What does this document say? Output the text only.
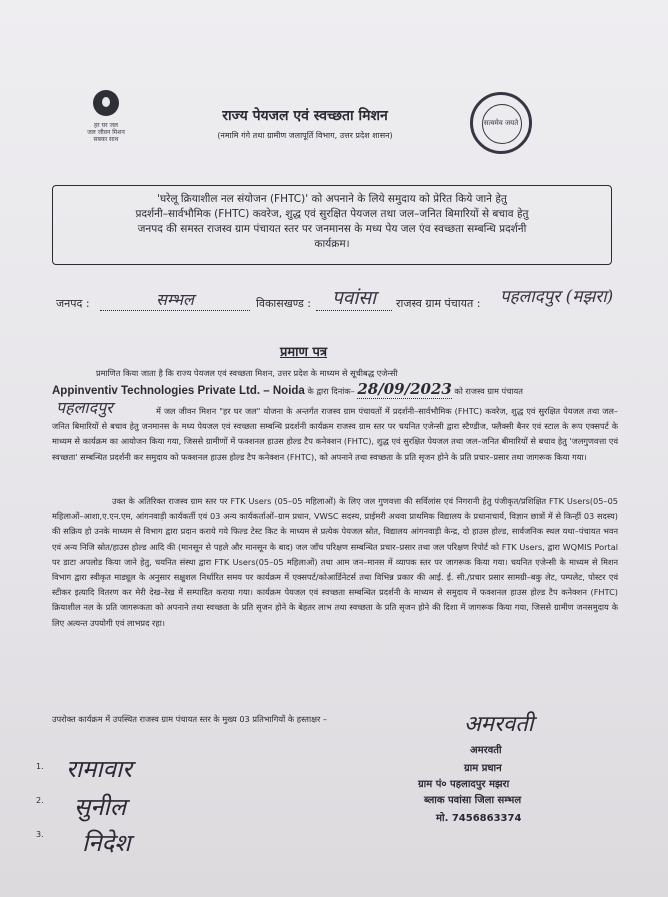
हर घर जल
जल जीवन मिशन
सबका साथ
राज्य पेयजल एवं स्वच्छता मिशन
(नमामि गंगे तथा ग्रामीण जलापूर्ति विभाग, उत्तर प्रदेश शासन)
सत्यमेव जयते
'घरेलू क्रियाशील नल संयोजन (FHTC)' को अपनाने के लिये समुदाय को प्रेरित किये जाने हेतु
प्रदर्शनी–सार्वभौमिक (FHTC) कवरेज, शुद्ध एवं सुरक्षित पेयजल तथा जल–जनित बिमारियों से बचाव हेतु
जनपद की समस्त राजस्व ग्राम पंचायत स्तर पर जनमानस के मध्य पेय जल एंव स्वच्छता सम्बन्धि प्रदर्शनी
कार्यक्रम।
जनपद :	सम्भल	विकासखण्ड :	पवांसा	राजस्व ग्राम पंचायत : पहलादपुर (मझरा)
प्रमाण पत्र
प्रमाणित किया जाता है कि राज्य पेयजल एवं स्वच्छता मिशन, उत्तर प्रदेश के माध्यम से सूचीबद्ध एजेन्सी
Appinventiv Technologies Private Ltd. – Noida के द्वारा दिनांक– 28/09/2023 को राजस्व ग्राम पंचायत
में जल जीवन मिशन "हर घर जल" योजना के अन्तर्गत राजस्व ग्राम पंचायतों में प्रदर्शनी–सार्वभौमिक (FHTC) कवरेज, शुद्ध एवं सुरक्षित पेयजल तथा जल–जनित बिमारियों से बचाव हेतु जनमानस के मध्य पेयजल एवं स्वच्छता सम्बन्धि प्रदर्शनी कार्यक्रम राजस्व ग्राम स्तर पर चयनित एजेन्सी द्वारा स्टैण्डीज, फ्लैक्सी बैनर एवं स्टाल के रूप एक्सपर्ट के माध्यम से कार्यक्रम का आयोजन किया गया, जिससे ग्रामीणों में फक्शनल हाउस होल्ड टैप कनेक्शन (FHTC), शुद्ध एवं सुरक्षित पेयजल तथा जल–जनित बीमारियों से बचाव हेतु 'जलगुणवत्ता एवं स्वच्छता' सम्बन्धित प्रदर्शनी कर समुदाय को फक्शनल हाउस होल्ड टैप कनेक्शन (FHTC), को अपनाने तथा स्वच्छता के प्रति सृजन होने के प्रति प्रचार–प्रसार तथा जागरूक किया गया।
पहलादपुर
उक्त के अतिरिक्त राजस्व ग्राम स्तर पर FTK Users (05–05 महिलाओं) के लिए जल गुणवत्ता की सर्विलांस एवं निगरानी हेतु पंजीकृत/प्रशिक्षित FTK Users(05–05 महिलाओं–आशा,ए.एन.एम, आंगनवाड़ी कार्यकर्ती एवं 03 अन्य कार्यकर्ताओं–ग्राम प्रधान, VWSC सदस्य, प्राईमरी अथवा प्राथमिक विद्यालय के प्रधानाचार्य, विज्ञान छात्रों में से किन्हीं 03 सदस्य) की सक्रिय हो उनके माध्यम से विभाग द्वारा प्रदान कराये गये फिल्ड टेस्ट किट के माध्यम से प्रत्येक पेयजल स्रोत, विद्यालय आंगनवाड़ी केन्द्र, दो हाउस होल्ड, सार्वजनिक स्थल यथा–पंचायत भवन एवं अन्य निजि स्रोत/हाउस होल्ड आदि की (मानसून से पहले और मानसून के बाद) जल जाँच परिक्षण सम्बन्धित प्रचार–प्रसार तथा जल परिक्षण रिपोर्ट को FTK Users, द्वारा WQMIS Portal पर डाटा अपलोड किया जाने हेतु, चयनित संस्था द्वारा FTK Users(05–05 महिलाओं) तथा आम जन–मानस में व्यापक स्तर पर जागरूक किया गया। चयनित एजेन्सी के माध्यम से मिशन विभाग द्वारा स्वीकृत माड्यूल के अनुसार सक्षुशल निर्धारित समय पर कार्यक्रम में एक्सपर्ट/कोआर्डिनेटर्स तथा विभिन्न प्रकार की आई. ई. सी./प्रचार प्रसार सामग्री–बकु लेट, पम्पलेट, पोस्टर एवं स्टीकर इत्यादि वितरण कर मेरी देख–रेख में सम्पादित कराया गया। कार्यक्रम पेयजल एवं स्वच्छता सम्बन्धित प्रदर्शनी के माध्यम से समुदाय में फक्शनल हाउस होल्ड टैप कनेक्शन (FHTC) क्रियाशील नल के प्रति जागरूकता को अपनाने तथा स्वच्छता के प्रति सृजन होने के बेहतर लाभ तथा स्वच्छता के प्रति सृजन होने की दिशा में जागरूक किया गया, जिससे ग्रामीण जनसमुदाय के लिए अत्यन्त उपयोगी एवं लाभप्रद रहा।
उपरोक्त कार्यक्रम में उपस्थित राजस्व ग्राम पंचायत स्तर के मुख्य 03 प्रतिभागियों के हस्ताक्षर –
1. रामावार
2. सुनील
3. निदेश
अमरवती
अमरवती
ग्राम प्रधान
ग्राम पं० पहलादपुर मझरा
ब्लाक पवांसा जिला सम्भल
मो. 7456863374
